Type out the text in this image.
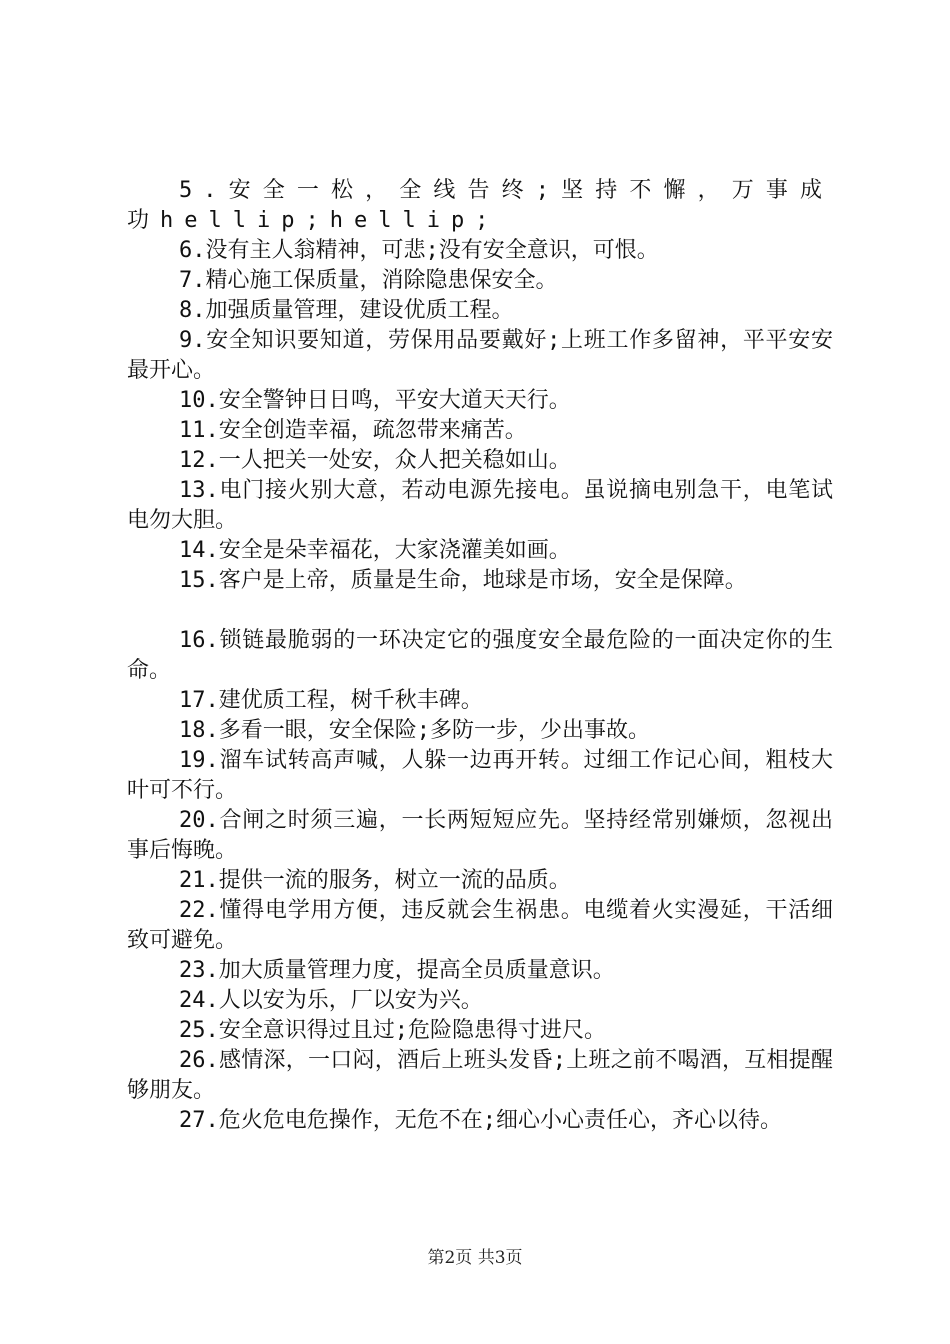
5.安全一松，全线告终;坚持不懈，万事成功hellip;hellip;

6.没有主人翁精神，可悲;没有安全意识，可恨。

7.精心施工保质量，消除隐患保安全。

8.加强质量管理，建设优质工程。

9.安全知识要知道，劳保用品要戴好;上班工作多留神，平平安安最开心。

10.安全警钟日日鸣，平安大道天天行。

11.安全创造幸福，疏忽带来痛苦。

12.一人把关一处安，众人把关稳如山。

13.电门接火别大意，若动电源先接电。虽说摘电别急干，电笔试电勿大胆。

14.安全是朵幸福花，大家浇灌美如画。

15.客户是上帝，质量是生命，地球是市场，安全是保障。

16.锁链最脆弱的一环决定它的强度安全最危险的一面决定你的生命。

17.建优质工程，树千秋丰碑。

18.多看一眼，安全保险;多防一步，少出事故。

19.溜车试转高声喊，人躲一边再开转。过细工作记心间，粗枝大叶可不行。

20.合闸之时须三遍，一长两短短应先。坚持经常别嫌烦，忽视出事后悔晚。

21.提供一流的服务，树立一流的品质。

22.懂得电学用方便，违反就会生祸患。电缆着火实漫延，干活细致可避免。

23.加大质量管理力度，提高全员质量意识。

24.人以安为乐，厂以安为兴。

25.安全意识得过且过;危险隐患得寸进尺。

26.感情深，一口闷，酒后上班头发昏;上班之前不喝酒，互相提醒够朋友。

27.危火危电危操作，无危不在;细心小心责任心，齐心以待。

第2页 共3页
